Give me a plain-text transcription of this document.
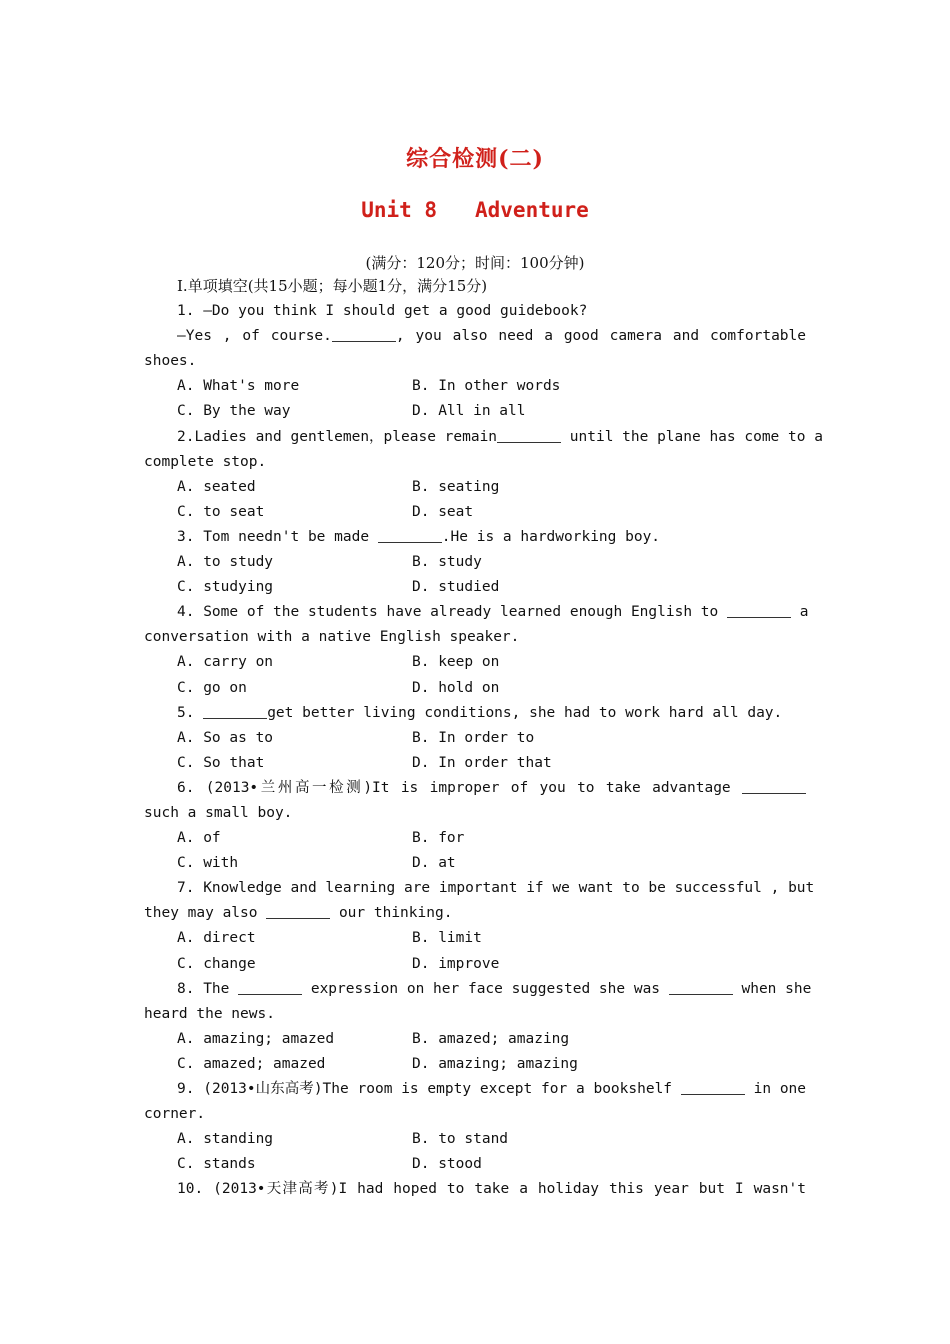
综合检测(二)
Unit 8 Adventure
(满分：120分；时间：100分钟)
Ⅰ.单项填空(共15小题；每小题1分，满分15分)
1. —Do you think I should get a good guidebook?
—Yes , of course.	, you also need a good camera and comfortable
shoes.
A. What's more	B. In other words
C. By the way	D. All in all
2.Ladies and gentlemen，please remain	until the plane has come to a
complete stop.
A. seated	B. seating
C. to seat	D. seat
3. Tom needn't be made	.He is a hardworking boy.
A. to study	B. study
C. studying	D. studied
4. Some of the students have already learned enough English to	a
conversation with a native English speaker.
A. carry on	B. keep on
C. go on	D. hold on
5.	get better living conditions, she had to work hard all day.
A. So as to	B. In order to
C. So that	D. In order that
6. (2013•兰州高一检测)It is improper of you to take advantage
such a small boy.
A. of	B. for
C. with	D. at
7. Knowledge and learning are important if we want to be successful , but
they may also	our thinking.
A. direct	B. limit
C. change	D. improve
8. The	expression on her face suggested she was	when she
heard the news.
A. amazing; amazed	B. amazed; amazing
C. amazed; amazed	D. amazing; amazing
9. (2013•山东高考)The room is empty except for a bookshelf	in one
corner.
A. standing	B. to stand
C. stands	D. stood
10. (2013•天津高考)I had hoped to take a holiday this year but I wasn't
